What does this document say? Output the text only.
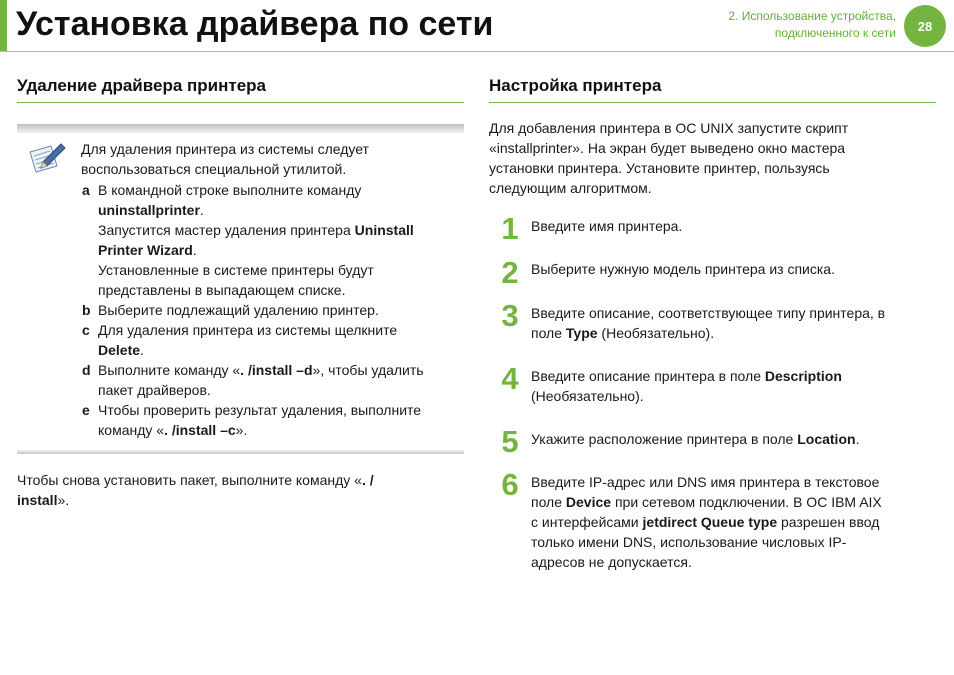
Установка драйвера по сети	2. Использование устройства,
подключенного к сети	28
Удаление драйвера принтера
Для удаления принтера из системы следует
воспользоваться специальной утилитой.
a В командной строке выполните команду
uninstallprinter.
Запустится мастер удаления принтера Uninstall
Printer Wizard.
Установленные в системе принтеры будут
представлены в выпадающем списке.
b Выберите подлежащий удалению принтер.
c Для удаления принтера из системы щелкните
Delete.
d Выполните команду «. /install –d», чтобы удалить
пакет драйверов.
e Чтобы проверить результат удаления, выполните
команду «. /install –c».
Чтобы снова установить пакет, выполните команду «. /
install».
Настройка принтера
Для добавления принтера в ОС UNIX запустите скрипт
«installprinter». На экран будет выведено окно мастера
установки принтера. Установите принтер, пользуясь
следующим алгоритмом.
1 Введите имя принтера.
2 Выберите нужную модель принтера из списка.
3 Введите описание, соответствующее типу принтера, в
поле Type (Необязательно).
4 Введите описание принтера в поле Description
(Необязательно).
5 Укажите расположение принтера в поле Location.
6 Введите IP-адрес или DNS имя принтера в текстовое
поле Device при сетевом подключении. В ОС IBM AIX
с интерфейсами jetdirect Queue type разрешен ввод
только имени DNS, использование числовых IP-
адресов не допускается.
